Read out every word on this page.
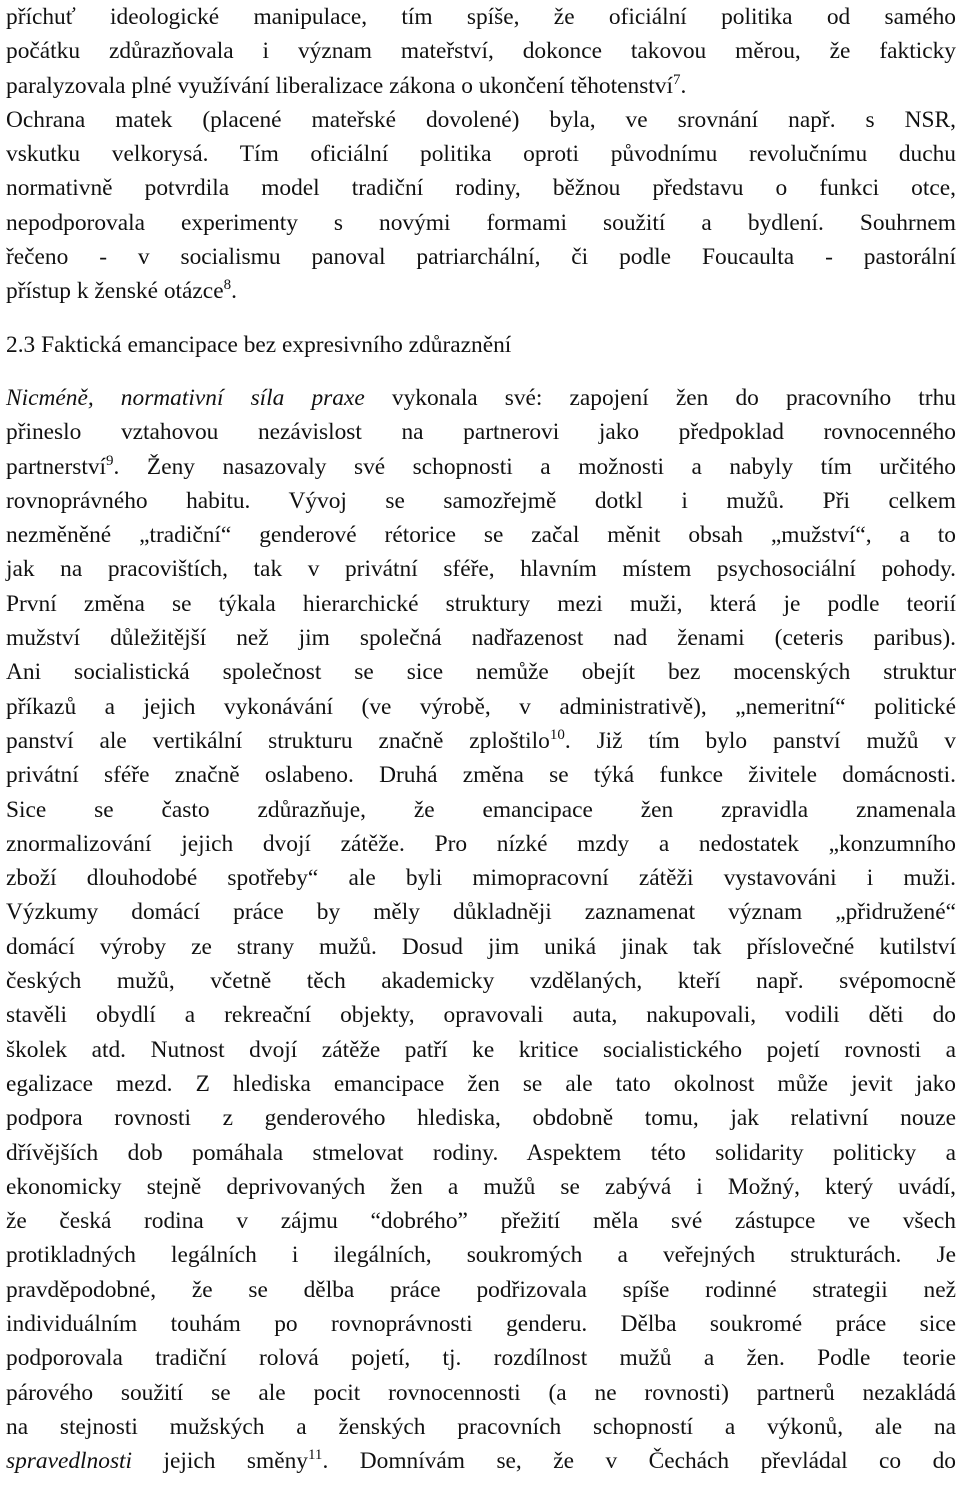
příchuť ideologické manipulace, tím spíše, že oficiální politika od samého
počátku zdůrazňovala i význam mateřství, dokonce takovou měrou, že fakticky
paralyzovala plné využívání liberalizace zákona o ukončení těhotenství$^7$.
Ochrana matek (placené mateřské dovolené) byla, ve srovnání např. s NSR,
vskutku velkorysá. Tím oficiální politika oproti původnímu revolučnímu duchu
normativně potvrdila model tradiční rodiny, běžnou představu o funkci otce,
nepodporovala experimenty s novými formami soužití a bydlení. Souhrnem
řečeno - v socialismu panoval patriarchální, či podle Foucaulta - pastorální
přístup k ženské otázce$^8$.
2.3 Faktická emancipace bez expresivního zdůraznění
Nicméně, normativní síla praxe vykonala své: zapojení žen do pracovního trhu
přineslo vztahovou nezávislost na partnerovi jako předpoklad rovnocenného
partnerství$^9$. Ženy nasazovaly své schopnosti a možnosti a nabyly tím určitého
rovnoprávného habitu. Vývoj se samozřejmě dotkl i mužů. Při celkem
nezměněné „tradiční“ genderové rétorice se začal měnit obsah „mužství“, a to
jak na pracovištích, tak v privátní sféře, hlavním místem psychosociální pohody.
První změna se týkala hierarchické struktury mezi muži, která je podle teorií
mužství důležitější než jim společná nadřazenost nad ženami (ceteris paribus).
Ani socialistická společnost se sice nemůže obejít bez mocenských struktur
příkazů a jejich vykonávání (ve výrobě, v administrativě), „nemeritní“ politické
panství ale vertikální strukturu značně zploštilo$^{10}$. Již tím bylo panství mužů v
privátní sféře značně oslabeno. Druhá změna se týká funkce živitele domácnosti.
Sice se často zdůrazňuje, že emancipace žen zpravidla znamenala
znormalizování jejich dvojí zátěže. Pro nízké mzdy a nedostatek „konzumního
zboží dlouhodobé spotřeby“ ale byli mimopracovní zátěži vystavováni i muži.
Výzkumy domácí práce by měly důkladněji zaznamenat význam „přidružené“
domácí výroby ze strany mužů. Dosud jim uniká jinak tak příslovečné kutilství
českých mužů, včetně těch akademicky vzdělaných, kteří např. svépomocně
stavěli obydlí a rekreační objekty, opravovali auta, nakupovali, vodili děti do
školek atd. Nutnost dvojí zátěže patří ke kritice socialistického pojetí rovnosti a
egalizace mezd. Z hlediska emancipace žen se ale tato okolnost může jevit jako
podpora rovnosti z genderového hlediska, obdobně tomu, jak relativní nouze
dřívějších dob pomáhala stmelovat rodiny. Aspektem této solidarity politicky a
ekonomicky stejně deprivovaných žen a mužů se zabývá i Možný, který uvádí,
že česká rodina v zájmu “dobrého” přežití měla své zástupce ve všech
protikladných legálních i ilegálních, soukromých a veřejných strukturách. Je
pravděpodobné, že se dělba práce podřizovala spíše rodinné strategii než
individuálním touhám po rovnoprávnosti genderu. Dělba soukromé práce sice
podporovala tradiční rolová pojetí, tj. rozdílnost mužů a žen. Podle teorie
párového soužití se ale pocit rovnocennosti (a ne rovnosti) partnerů nezakládá
na stejnosti mužských a ženských pracovních schopností a výkonů, ale na
spravedlnosti jejich směny$^{11}$. Domnívám se, že v Čechách převládal co do
